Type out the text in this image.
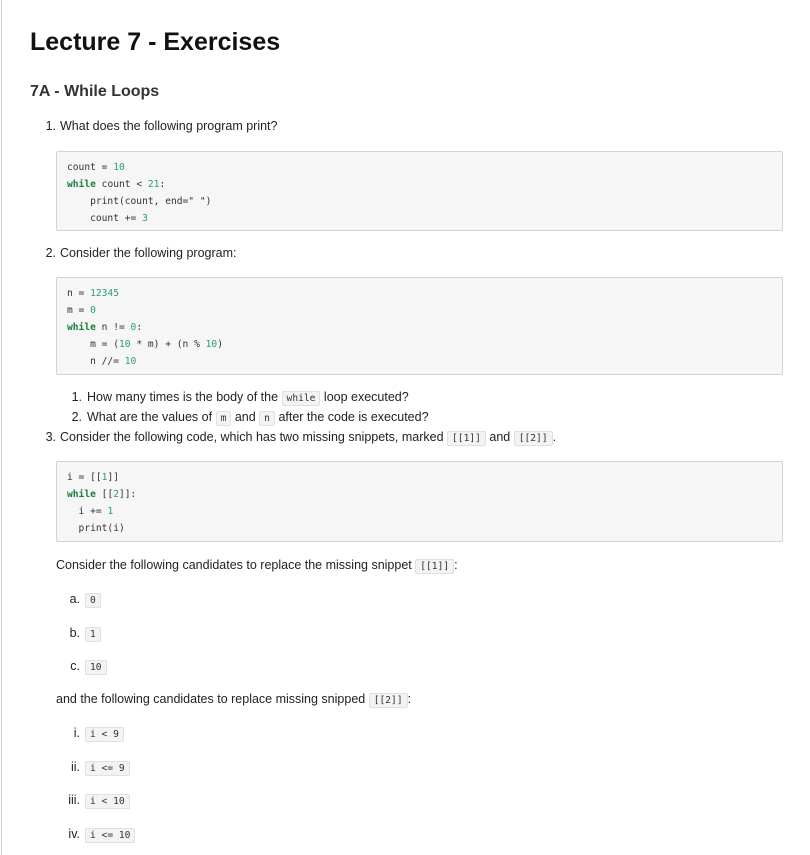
Lecture 7 - Exercises
7A - While Loops
1. What does the following program print?
count = 10
while count < 21:
print(count, end=" ")
count += 3
2. Consider the following program:
n = 12345
m = 0
while n != 0:
m = (10 * m) + (n % 10)
n //= 10
1. How many times is the body of the while loop executed?
2. What are the values of m and n after the code is executed?
3. Consider the following code, which has two missing snippets, marked [[1]] and [[2]] .
i = [[1]]
while [[2]]:
i += 1
print(i)
Consider the following candidates to replace the missing snippet [[1]] :
a. 0
b. 1
c. 10
and the following candidates to replace missing snipped [[2]] :
i. i < 9
ii. i <= 9
iii. i < 10
iv. i <= 10
